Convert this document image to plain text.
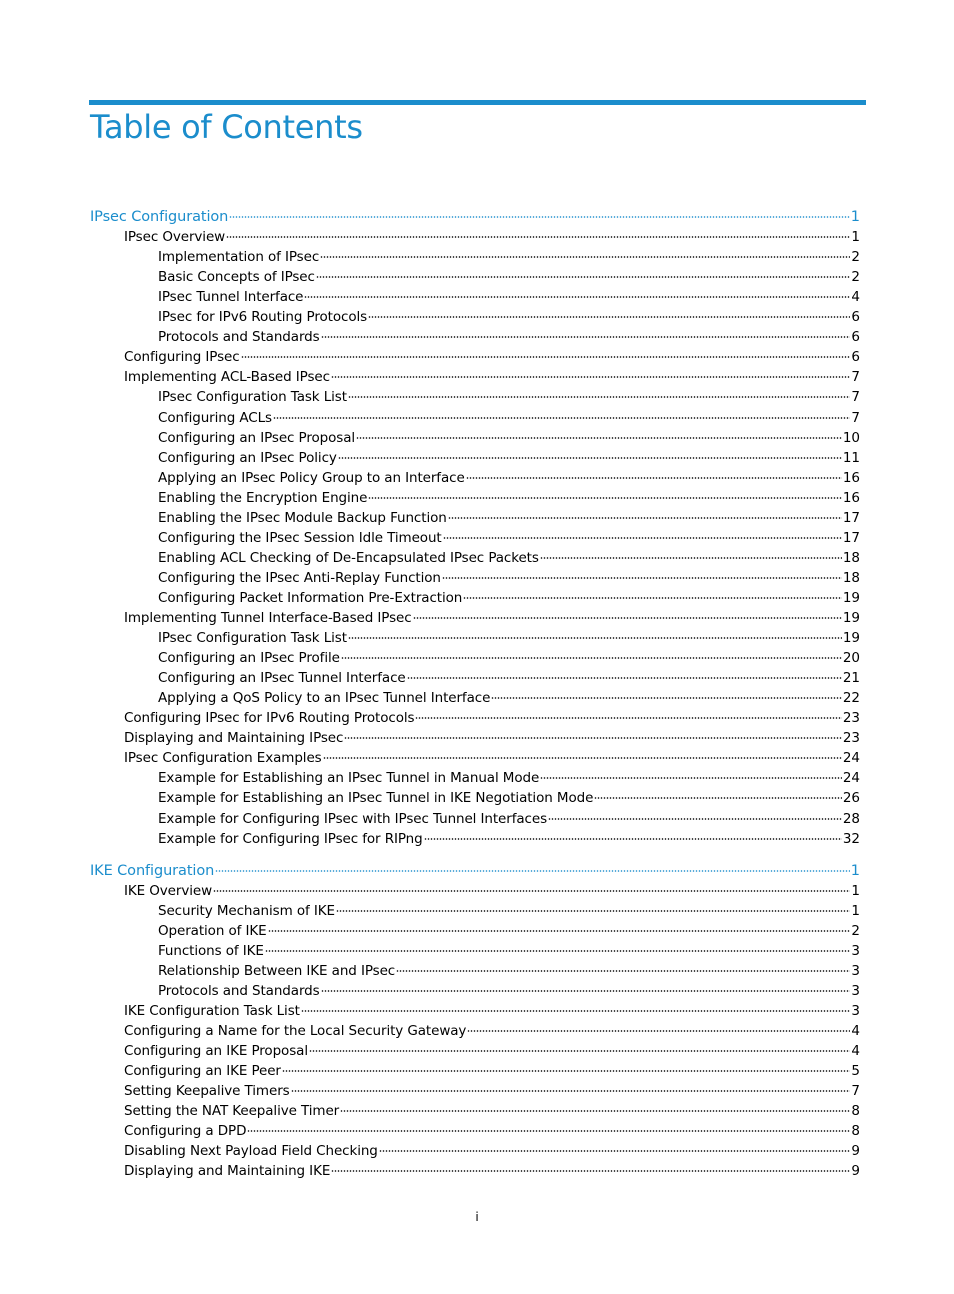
Table of Contents
IPsec Configuration	1
IPsec Overview	1
Implementation of IPsec	2
Basic Concepts of IPsec	2
IPsec Tunnel Interface	4
IPsec for IPv6 Routing Protocols	6
Protocols and Standards	6
Configuring IPsec	6
Implementing ACL-Based IPsec	7
IPsec Configuration Task List	7
Configuring ACLs	7
Configuring an IPsec Proposal	10
Configuring an IPsec Policy	11
Applying an IPsec Policy Group to an Interface	16
Enabling the Encryption Engine	16
Enabling the IPsec Module Backup Function	17
Configuring the IPsec Session Idle Timeout	17
Enabling ACL Checking of De-Encapsulated IPsec Packets	18
Configuring the IPsec Anti-Replay Function	18
Configuring Packet Information Pre-Extraction	19
Implementing Tunnel Interface-Based IPsec	19
IPsec Configuration Task List	19
Configuring an IPsec Profile	20
Configuring an IPsec Tunnel Interface	21
Applying a QoS Policy to an IPsec Tunnel Interface	22
Configuring IPsec for IPv6 Routing Protocols	23
Displaying and Maintaining IPsec	23
IPsec Configuration Examples	24
Example for Establishing an IPsec Tunnel in Manual Mode	24
Example for Establishing an IPsec Tunnel in IKE Negotiation Mode	26
Example for Configuring IPsec with IPsec Tunnel Interfaces	28
Example for Configuring IPsec for RIPng	32
IKE Configuration	1
IKE Overview	1
Security Mechanism of IKE	1
Operation of IKE	2
Functions of IKE	3
Relationship Between IKE and IPsec	3
Protocols and Standards	3
IKE Configuration Task List	3
Configuring a Name for the Local Security Gateway	4
Configuring an IKE Proposal	4
Configuring an IKE Peer	5
Setting Keepalive Timers	7
Setting the NAT Keepalive Timer	8
Configuring a DPD	8
Disabling Next Payload Field Checking	9
Displaying and Maintaining IKE	9
i
